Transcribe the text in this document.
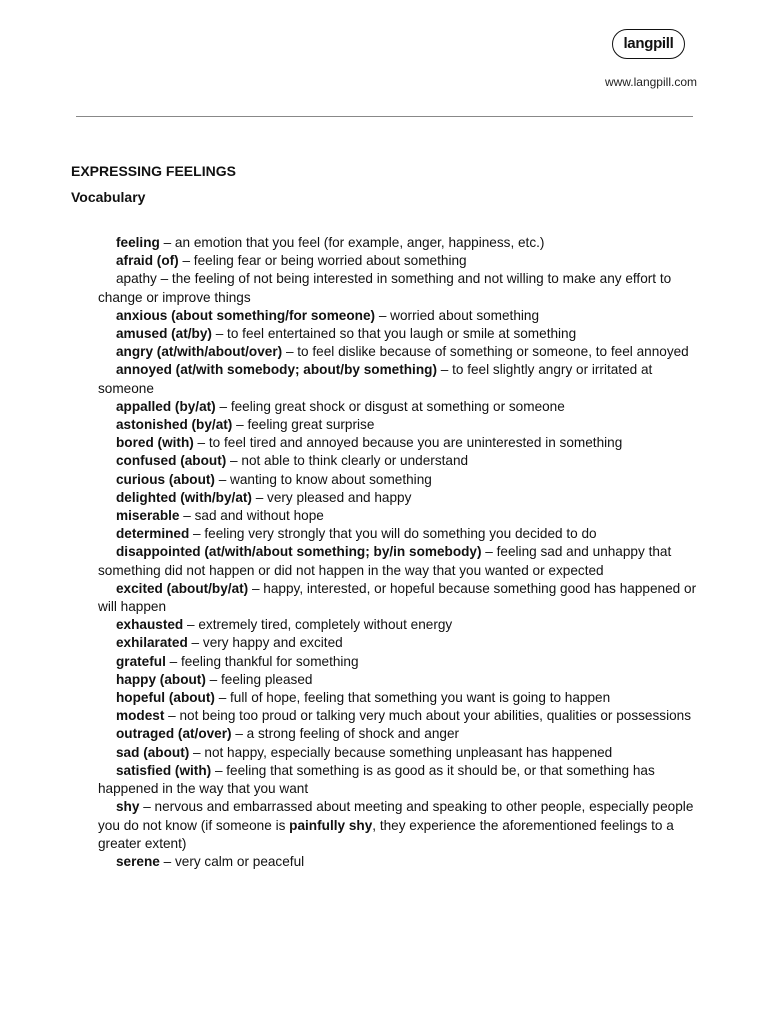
langpill
www.langpill.com
EXPRESSING FEELINGS
Vocabulary
feeling – an emotion that you feel (for example, anger, happiness, etc.)
afraid (of) – feeling fear or being worried about something
apathy – the feeling of not being interested in something and not willing to make any effort to change or improve things
anxious (about something/for someone) – worried about something
amused (at/by) – to feel entertained so that you laugh or smile at something
angry (at/with/about/over) – to feel dislike because of something or someone, to feel annoyed
annoyed (at/with somebody; about/by something) – to feel slightly angry or irritated at someone
appalled (by/at) – feeling great shock or disgust at something or someone
astonished (by/at) – feeling great surprise
bored (with) – to feel tired and annoyed because you are uninterested in something
confused (about) – not able to think clearly or understand
curious (about) – wanting to know about something
delighted (with/by/at) – very pleased and happy
miserable – sad and without hope
determined – feeling very strongly that you will do something you decided to do
disappointed (at/with/about something; by/in somebody) – feeling sad and unhappy that something did not happen or did not happen in the way that you wanted or expected
excited (about/by/at) – happy, interested, or hopeful because something good has happened or will happen
exhausted – extremely tired, completely without energy
exhilarated – very happy and excited
grateful – feeling thankful for something
happy (about) – feeling pleased
hopeful (about) – full of hope, feeling that something you want is going to happen
modest – not being too proud or talking very much about your abilities, qualities or possessions
outraged (at/over) – a strong feeling of shock and anger
sad (about) – not happy, especially because something unpleasant has happened
satisfied (with) – feeling that something is as good as it should be, or that something has happened in the way that you want
shy – nervous and embarrassed about meeting and speaking to other people, especially people you do not know (if someone is painfully shy, they experience the aforementioned feelings to a greater extent)
serene – very calm or peaceful
